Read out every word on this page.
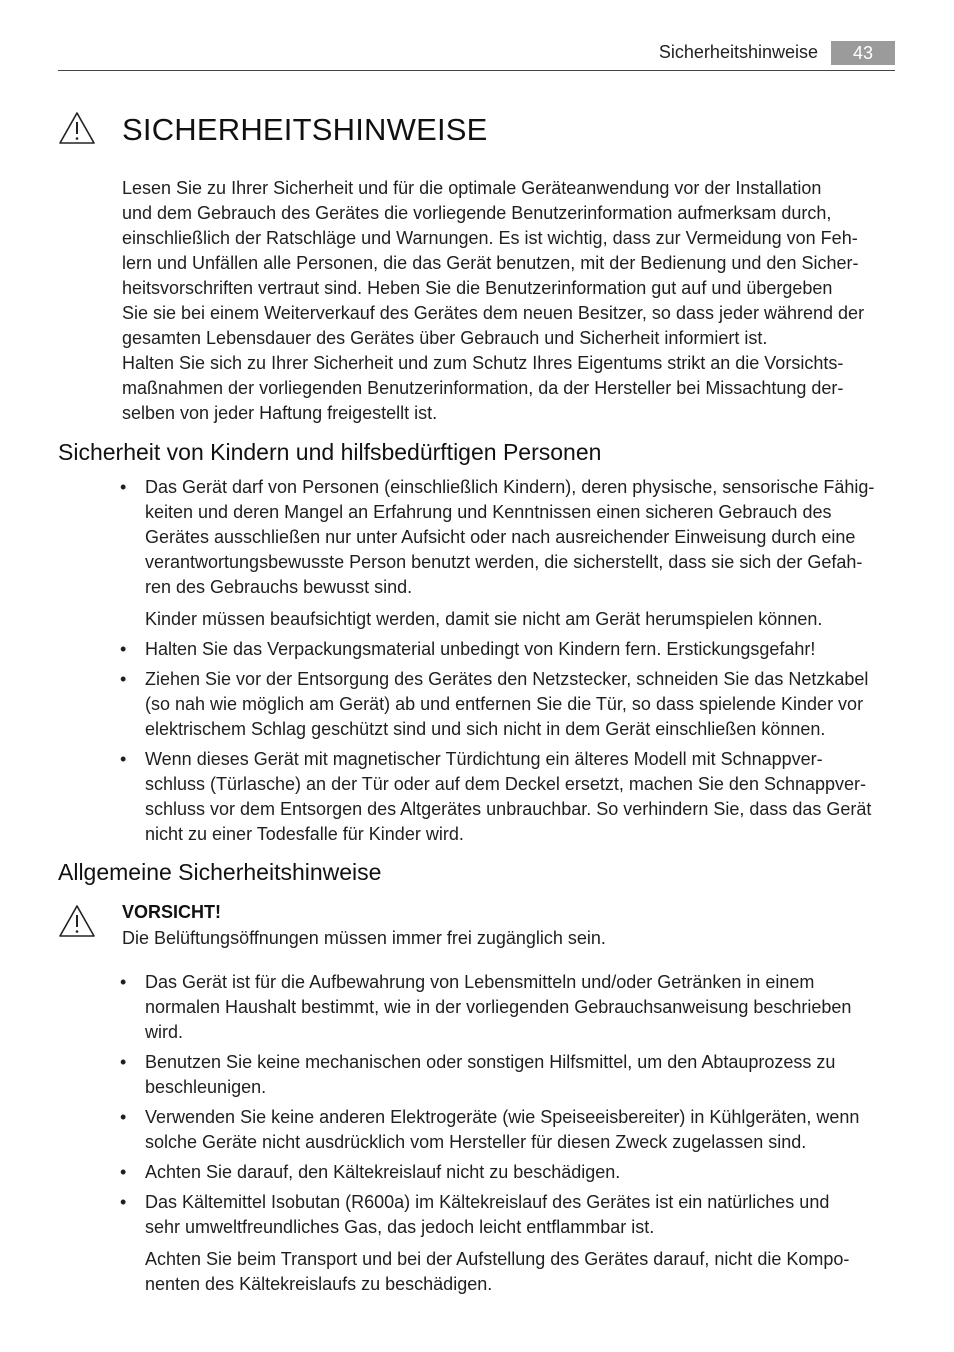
Sicherheitshinweise	43
SICHERHEITSHINWEISE

Lesen Sie zu Ihrer Sicherheit und für die optimale Geräteanwendung vor der Installation
und dem Gebrauch des Gerätes die vorliegende Benutzerinformation aufmerksam durch,
einschließlich der Ratschläge und Warnungen. Es ist wichtig, dass zur Vermeidung von Feh-
lern und Unfällen alle Personen, die das Gerät benutzen, mit der Bedienung und den Sicher-
heitsvorschriften vertraut sind. Heben Sie die Benutzerinformation gut auf und übergeben
Sie sie bei einem Weiterverkauf des Gerätes dem neuen Besitzer, so dass jeder während der
gesamten Lebensdauer des Gerätes über Gebrauch und Sicherheit informiert ist.

Halten Sie sich zu Ihrer Sicherheit und zum Schutz Ihres Eigentums strikt an die Vorsichts-
maßnahmen der vorliegenden Benutzerinformation, da der Hersteller bei Missachtung der-
selben von jeder Haftung freigestellt ist.

Sicherheit von Kindern und hilfsbedürftigen Personen
• Das Gerät darf von Personen (einschließlich Kindern), deren physische, sensorische Fähig-
keiten und deren Mangel an Erfahrung und Kenntnissen einen sicheren Gebrauch des
Gerätes ausschließen nur unter Aufsicht oder nach ausreichender Einweisung durch eine
verantwortungsbewusste Person benutzt werden, die sicherstellt, dass sie sich der Gefah-
ren des Gebrauchs bewusst sind.

Kinder müssen beaufsichtigt werden, damit sie nicht am Gerät herumspielen können.

• Halten Sie das Verpackungsmaterial unbedingt von Kindern fern. Erstickungsgefahr!

• Ziehen Sie vor der Entsorgung des Gerätes den Netzstecker, schneiden Sie das Netzkabel
(so nah wie möglich am Gerät) ab und entfernen Sie die Tür, so dass spielende Kinder vor
elektrischem Schlag geschützt sind und sich nicht in dem Gerät einschließen können.

• Wenn dieses Gerät mit magnetischer Türdichtung ein älteres Modell mit Schnappver-
schluss (Türlasche) an der Tür oder auf dem Deckel ersetzt, machen Sie den Schnappver-
schluss vor dem Entsorgen des Altgerätes unbrauchbar. So verhindern Sie, dass das Gerät
nicht zu einer Todesfalle für Kinder wird.

Allgemeine Sicherheitshinweise
VORSICHT!

Die Belüftungsöffnungen müssen immer frei zugänglich sein.

• Das Gerät ist für die Aufbewahrung von Lebensmitteln und/oder Getränken in einem
normalen Haushalt bestimmt, wie in der vorliegenden Gebrauchsanweisung beschrieben
wird.

• Benutzen Sie keine mechanischen oder sonstigen Hilfsmittel, um den Abtauprozess zu
beschleunigen.

• Verwenden Sie keine anderen Elektrogeräte (wie Speiseeisbereiter) in Kühlgeräten, wenn
solche Geräte nicht ausdrücklich vom Hersteller für diesen Zweck zugelassen sind.

• Achten Sie darauf, den Kältekreislauf nicht zu beschädigen.

• Das Kältemittel Isobutan (R600a) im Kältekreislauf des Gerätes ist ein natürliches und
sehr umweltfreundliches Gas, das jedoch leicht entflammbar ist.

Achten Sie beim Transport und bei der Aufstellung des Gerätes darauf, nicht die Kompo-
nenten des Kältekreislaufs zu beschädigen.
